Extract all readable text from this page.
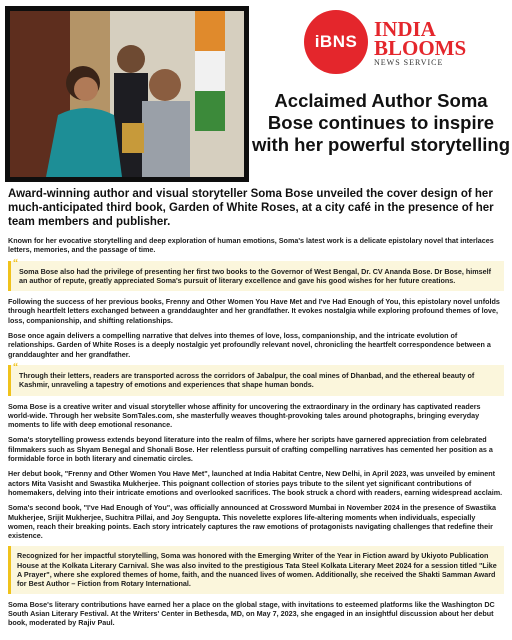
iBNS
INDIA
BLOOMS
NEWS SERVICE
Acclaimed Author Soma Bose continues to inspire with her powerful storytelling
Award-winning author and visual storyteller Soma Bose unveiled the cover design of her much-anticipated third book, Garden of White Roses, at a city café in the presence of her team members and publisher.

Known for her evocative storytelling and deep exploration of human emotions, Soma's latest work is a delicate epistolary novel that interlaces letters, memories, and the passage of time.

“
Soma Bose also had the privilege of presenting her first two books to the Governor of West Bengal, Dr. CV Ananda Bose. Dr Bose, himself an author of repute, greatly appreciated Soma's pursuit of literary excellence and gave his good wishes for her future creations.

Following the success of her previous books, Frenny and Other Women You Have Met and I've Had Enough of You, this epistolary novel unfolds through heartfelt letters exchanged between a granddaughter and her grandfather. It evokes nostalgia while exploring profound themes of love, loss, companionship, and shifting relationships.

Bose once again delivers a compelling narrative that delves into themes of love, loss, companionship, and the intricate evolution of relationships. Garden of White Roses is a deeply nostalgic yet profoundly relevant novel, chronicling the heartfelt correspondence between a granddaughter and her grandfather.

“
Through their letters, readers are transported across the corridors of Jabalpur, the coal mines of Dhanbad, and the ethereal beauty of Kashmir, unraveling a tapestry of emotions and experiences that shape human bonds.

Soma Bose is a creative writer and visual storyteller whose affinity for uncovering the extraordinary in the ordinary has captivated readers world-wide. Through her website SomTales.com, she masterfully weaves thought-provoking tales around photographs, bringing everyday moments to life with deep emotional resonance.

Soma's storytelling prowess extends beyond literature into the realm of films, where her scripts have garnered appreciation from celebrated filmmakers such as Shyam Benegal and Shonali Bose. Her relentless pursuit of crafting compelling narratives has cemented her position as a formidable force in both literary and cinematic circles.

Her debut book, "Frenny and Other Women You Have Met", launched at India Habitat Centre, New Delhi, in April 2023, was unveiled by eminent actors Mita Vasisht and Swastika Mukherjee. This poignant collection of stories pays tribute to the silent yet significant contributions of homemakers, delving into their intricate emotions and overlooked sacrifices. The book struck a chord with readers, earning widespread acclaim.

Soma's second book, "I've Had Enough of You", was officially announced at Crossword Mumbai in November 2024 in the presence of Swastika Mukherjee, Srijit Mukherjee, Suchitra Pillai, and Joy Sengupta. This novelette explores life-altering moments when individuals, especially women, reach their breaking points. Each story intricately captures the raw emotions of protagonists navigating challenges that redefine their existence.

Recognized for her impactful storytelling, Soma was honored with the Emerging Writer of the Year in Fiction award by Ukiyoto Publication House at the Kolkata Literary Carnival. She was also invited to the prestigious Tata Steel Kolkata Literary Meet 2024 for a session titled "Like A Prayer", where she explored themes of home, faith, and the nuanced lives of women. Additionally, she received the Shakti Samman Award for Best Author – Fiction from Rotary International.

Soma Bose's literary contributions have earned her a place on the global stage, with invitations to esteemed platforms like the Washington DC South Asian Literary Festival. At the Writers' Center in Bethesda, MD, on May 7, 2023, she engaged in an insightful discussion about her debut book, moderated by Rajiv Paul.
